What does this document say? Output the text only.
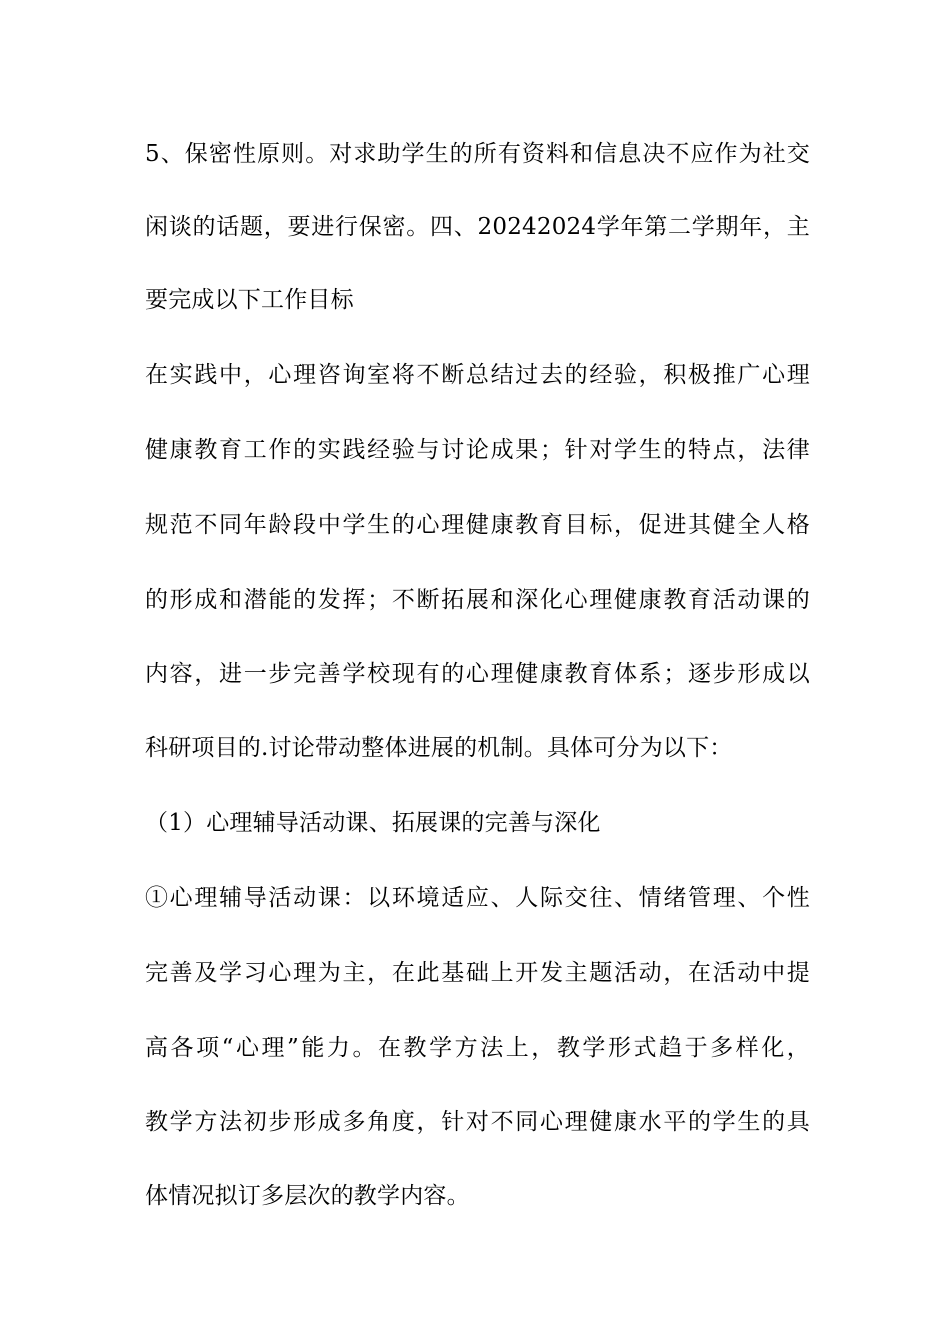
5、保密性原则。对求助学生的所有资料和信息决不应作为社交
闲谈的话题，要进行保密。四、20242024学年第二学期年，主
要完成以下工作目标
在实践中，心理咨询室将不断总结过去的经验，积极推广心理
健康教育工作的实践经验与讨论成果；针对学生的特点，法律
规范不同年龄段中学生的心理健康教育目标，促进其健全人格
的形成和潜能的发挥；不断拓展和深化心理健康教育活动课的
内容，进一步完善学校现有的心理健康教育体系；逐步形成以
科研项目的.讨论带动整体进展的机制。具体可分为以下：
（1）心理辅导活动课、拓展课的完善与深化
①心理辅导活动课：以环境适应、人际交往、情绪管理、个性
完善及学习心理为主，在此基础上开发主题活动，在活动中提
高各项“心理”能力。在教学方法上，教学形式趋于多样化，
教学方法初步形成多角度，针对不同心理健康水平的学生的具
体情况拟订多层次的教学内容。
